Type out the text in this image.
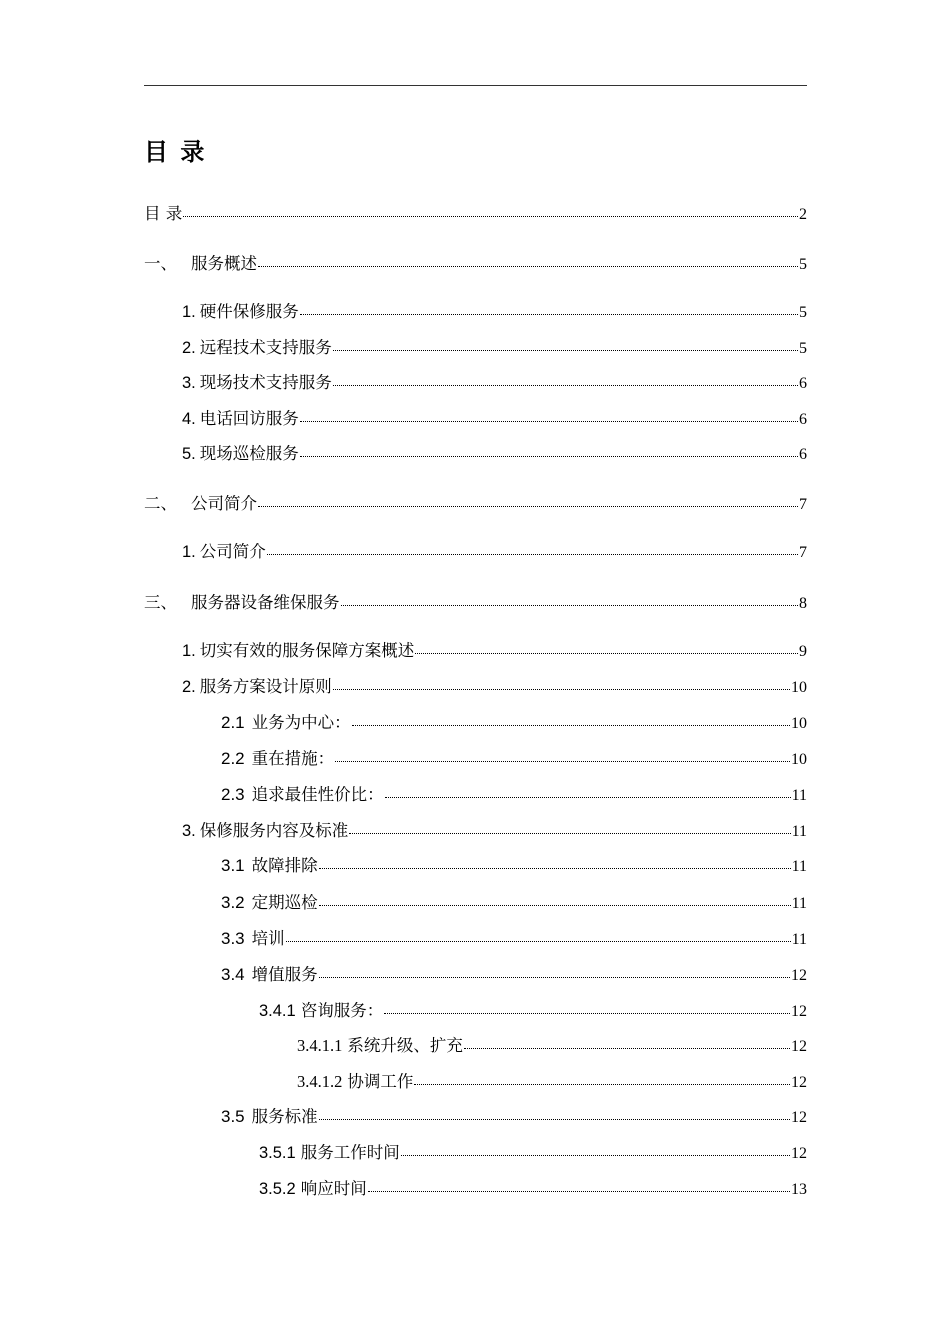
目 录
目 录	2
一、 服务概述	5
1. 硬件保修服务	5
2. 远程技术支持服务	5
3. 现场技术支持服务	6
4. 电话回访服务	6
5. 现场巡检服务	6
二、 公司简介	7
1. 公司简介	7
三、 服务器设备维保服务	8
1. 切实有效的服务保障方案概述	9
2. 服务方案设计原则	10
2.1 业务为中心：	10
2.2 重在措施：	10
2.3 追求最佳性价比：	11
3. 保修服务内容及标准	11
3.1 故障排除	11
3.2 定期巡检	11
3.3 培训	11
3.4 增值服务	12
3.4.1 咨询服务：	12
3.4.1.1 系统升级、扩充	12
3.4.1.2 协调工作	12
3.5 服务标准	12
3.5.1 服务工作时间	12
3.5.2 响应时间	13
